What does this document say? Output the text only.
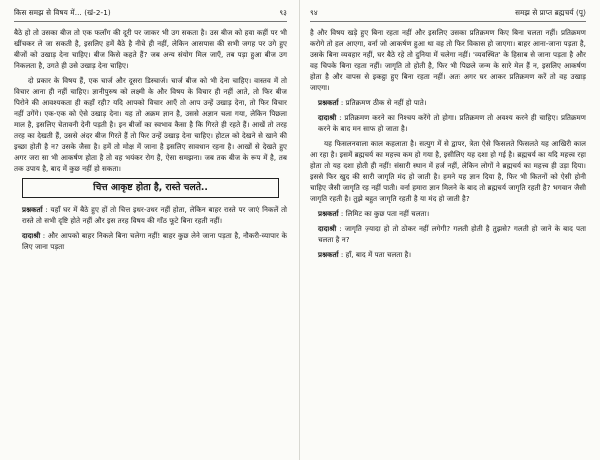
किस समझ से विषय में... (खं-2-1)	९३

बैठे हो तो उसका बीज तो एक फलाँग की दूरी पर जाकर भी उग सकता है। उस बीज को हवा कहीं पर भी खींचकर ले जा सकती है, इसलिए हमें बैठे है नीचे ही नहीं, लेकिन आसपास की सभी जगह पर उगे हुए बीजों को उखाड़ देना चाहिए। बीज किसे कहते हैं? जब अन्य संयोग मिल जाएँ, तब पड़ा हुआ बीज उग निकलता है, उगते ही उसे उखाड़ देना चाहिए।

दो प्रकार के विषय हैं, एक चार्ज और दूसरा डिस्चार्ज। चार्ज बीज को भी देना चाहिए। वास्तव में तो विचार आना ही नहीं चाहिए। ज्ञानीपुरुष को लक्ष्मी के और विषय के विचार ही नहीं आते, तो फिर बीज पिरोने की आवश्यकता ही कहाँ रही? यदि आपको विचार आएँ तो आप उन्हें उखाड़ देना, तो फिर विचार नहीं उगेंगे। एक-एक को ऐसे उखाड़ देना। यह तो अक्रम ज्ञान है, उससे अज्ञान चला गया, लेकिन पिछला माल है, इसलिए चेतावनी देनी पड़ती है। इन बीजों का स्वभाव कैसा है कि गिरते ही रहते हैं। आखें तो तरह तरह का देखती हैं, उससे अंदर बीज गिरते हैं तो फिर उन्हें उखाड़ देना चाहिए। होटल को देखने से खाने की इच्छा होती है न? उसके जैसा है। हमें तो मोक्ष में जाना है इसलिए सावधान रहना है। आखों से देखते हुए अगर जरा सा भी आकर्षण होता है तो वह भयंकर रोग है, ऐसा समझना। जब तक बीज के रूप में है, तब तक उपाय है, बाद में कुछ नहीं हो सकता।

चित्त आकृष्ट होता है, रास्ते चलते..

प्रश्नकर्ता : यहाँ घर में बैठे हुए हों तो चित्त इधर-उधर नहीं होता, लेकिन बाहर रास्ते पर जाएं निकलें तो रास्ते तो सभी दृष्टि होते नहीं और इस तरह विषय की गाँठ फूटे बिना रहती नहीं।

दादाश्री : और आपको बाहर निकले बिना चलेगा नहीं! बाहर कुछ लेने जाना पड़ता है, नौकरी-व्यापार के लिए जाना पड़ता

९४	समझ से प्राप्त ब्रह्मचर्य (पू)

है और विषय खड़े हुए बिना रहता नहीं और इसलिए उसका प्रतिक्रमण किए बिना चलता नहीं। प्रतिक्रमण करोगे तो हल आएगा, वर्ना जो आकर्षण हुआ था वह तो फिर विकास हो जाएगा। बाहर आना-जाना पड़ता है, उसके बिना व्यवहार नहीं, घर बैठे रहे तो दुनिया में चलेगा नहीं। 'व्यवस्थित' के हिसाब से जाना पड़ता है और वह चिपके बिना रहता नहीं। जागृति तो होती है, फिर भी पिछले जन्म के सारे मेल हैं न, इसलिए आकर्षण होता है और वापस से इकट्ठा हुए बिना रहता नहीं। अतः अगर घर आकर प्रतिक्रमण करें तो वह उखाड़ जाएगा।

प्रश्नकर्ता : प्रतिक्रमण ठीक से नहीं हो पाते।

दादाश्री : प्रतिक्रमण करने का निश्चय करेंगे तो होगा। प्रतिक्रमण तो अवश्य करने ही चाहिए। प्रतिक्रमण करने के बाद मन साफ हो जाता है।

यह फिसलनवाला काल कहलाता है। सत्युग में से द्वापर, त्रेता ऐसे फिसलते फिसलते यह आखिरी काल आ रहा है। इसमें ब्रह्मचर्य का महत्त्व कम हो गया है, इसीलिए यह दशा हो गई है। ब्रह्मचर्य का यदि महत्त्व रहा होता तो यह दशा होती ही नहीं! संसारी स्थान में हर्ज नहीं, लेकिन लोगों ने ब्रह्मचर्य का महत्त्व ही उड़ा दिया। इससे फिर खुद की सारी जागृति मंद हो जाती है। हमने यह ज्ञान दिया है, फिर भी कितनों को ऐसी होनी चाहिए जैसी जागृति रह नहीं पाती। वर्ना हमारा ज्ञान मिलने के बाद तो ब्रह्मचर्य जागृति रहती है? भगवान जैसी जागृति रहती है। तुझे बहुत जागृति रहती है या मंद हो जाती है?

प्रश्नकर्ता : लिमिट का कुछ पता नहीं चलता।

दादाश्री : जागृति ज़्यादा हो तो ठोकर नहीं लगेगी? गलती होती है तुझसे? गलती हो जाने के बाद पता चलता है न?

प्रश्नकर्ता : हाँ, बाद में पता चलता है।
